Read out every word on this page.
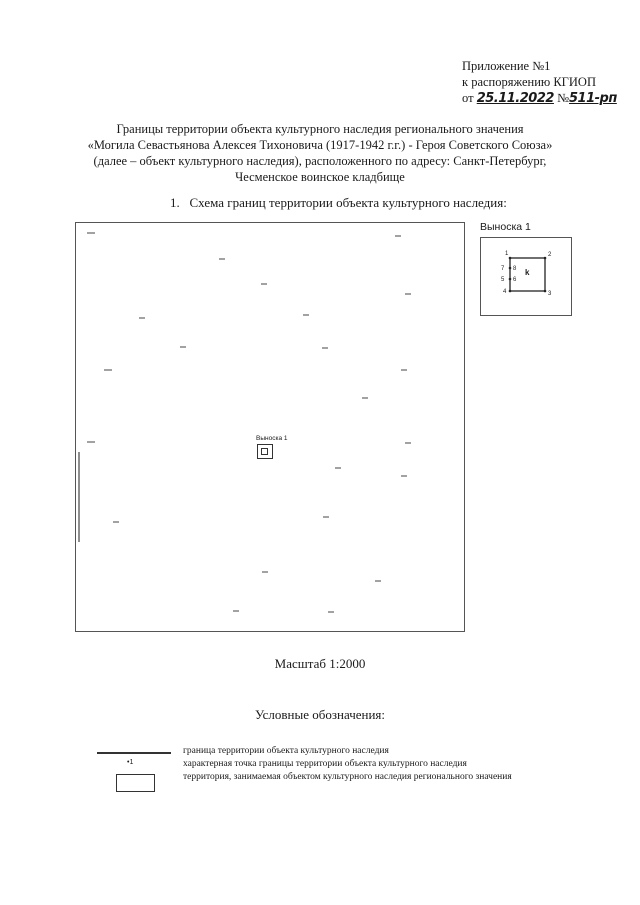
Приложение №1
к распоряжению КГИОП
от 25.11.2022 №511-рп
Границы территории объекта культурного наследия регионального значения
«Могила Севастьянова Алексея Тихоновича (1917-1942 г.г.) - Героя Советского Союза»
(далее – объект культурного наследия), расположенного по адресу: Санкт-Петербург,
Чесменское воинское кладбище
1. Схема границ территории объекта культурного наследия:
Выноска 1
Выноска 1
1	2
3
4
5 6
7 8 k
Масштаб 1:2000
Условные обозначения:
•1
граница территории объекта культурного наследия
характерная точка границы территории объекта культурного наследия
территория, занимаемая объектом культурного наследия регионального значения
